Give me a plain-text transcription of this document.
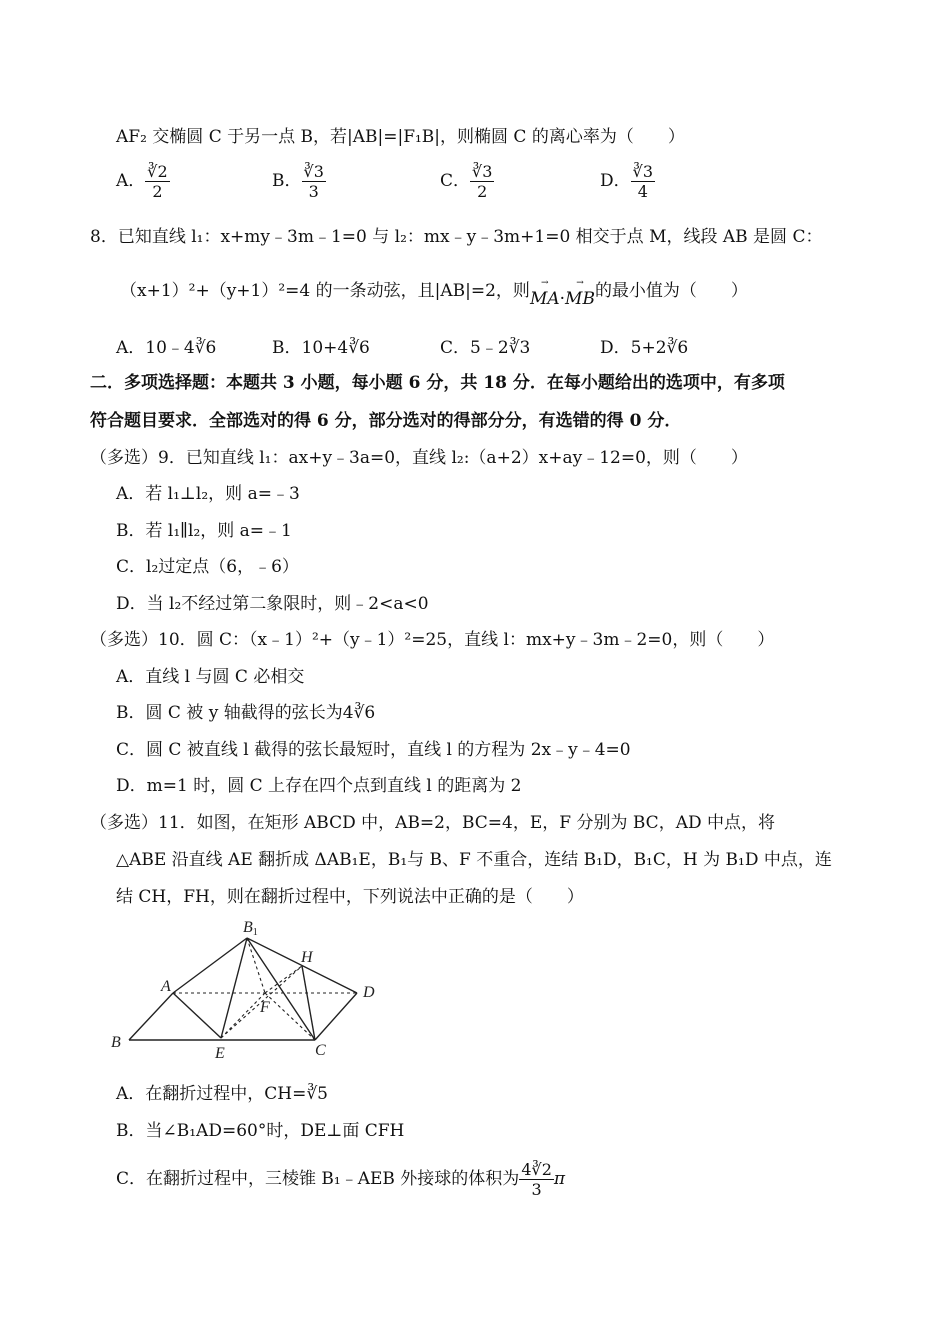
AF₂ 交椭圆 C 于另一点 B，若|AB|=|F₁B|，则椭圆 C 的离心率为（　　）
A． $\frac{∛2}{2}$	B． $\frac{∛3}{3}$	C． $\frac{∛3}{2}$	D． $\frac{∛3}{4}$
8．已知直线 l₁：x+my﹣3m﹣1=0 与 l₂：mx﹣y﹣3m+1=0 相交于点 M，线段 AB 是圆 C：
（x+1）²+（y+1）²=4 的一条动弦，且|AB|=2，则→ MA·→ MB的最小值为（　　）
A．10﹣4∛6	B．10+4∛6	C．5﹣2∛3	D．5+2∛6
二．多项选择题：本题共 3 小题，每小题 6 分，共 18 分．在每小题给出的选项中，有多项
符合题目要求．全部选对的得 6 分，部分选对的得部分分，有选错的得 0 分．
（多选）9．已知直线 l₁：ax+y﹣3a=0，直线 l₂:（a+2）x+ay﹣12=0，则（　　）
A．若 l₁⊥l₂，则 a=﹣3
B．若 l₁∥l₂，则 a=﹣1
C．l₂过定点（6，﹣6）
D．当 l₂不经过第二象限时，则﹣2<a<0
（多选）10．圆 C：（x﹣1）²+（y﹣1）²=25，直线 l：mx+y﹣3m﹣2=0，则（　　）
A．直线 l 与圆 C 必相交
B．圆 C 被 y 轴截得的弦长为4∛6
C．圆 C 被直线 l 截得的弦长最短时，直线 l 的方程为 2x﹣y﹣4=0
D．m=1 时，圆 C 上存在四个点到直线 l 的距离为 2
（多选）11．如图，在矩形 ABCD 中，AB=2，BC=4，E，F 分别为 BC，AD 中点，将
△ABE 沿直线 AE 翻折成 ΔAB₁E，B₁与 B、F 不重合，连结 B₁D，B₁C，H 为 B₁D 中点，连
结 CH，FH，则在翻折过程中，下列说法中正确的是（　　）
B1
H
A	D
F
B
E	C
A．在翻折过程中，CH=∛5
B．当∠B₁AD=60°时，DE⊥面 CFH
C．在翻折过程中，三棱锥 B₁﹣AEB 外接球的体积为 $\frac{4∛2}{3}$ π
